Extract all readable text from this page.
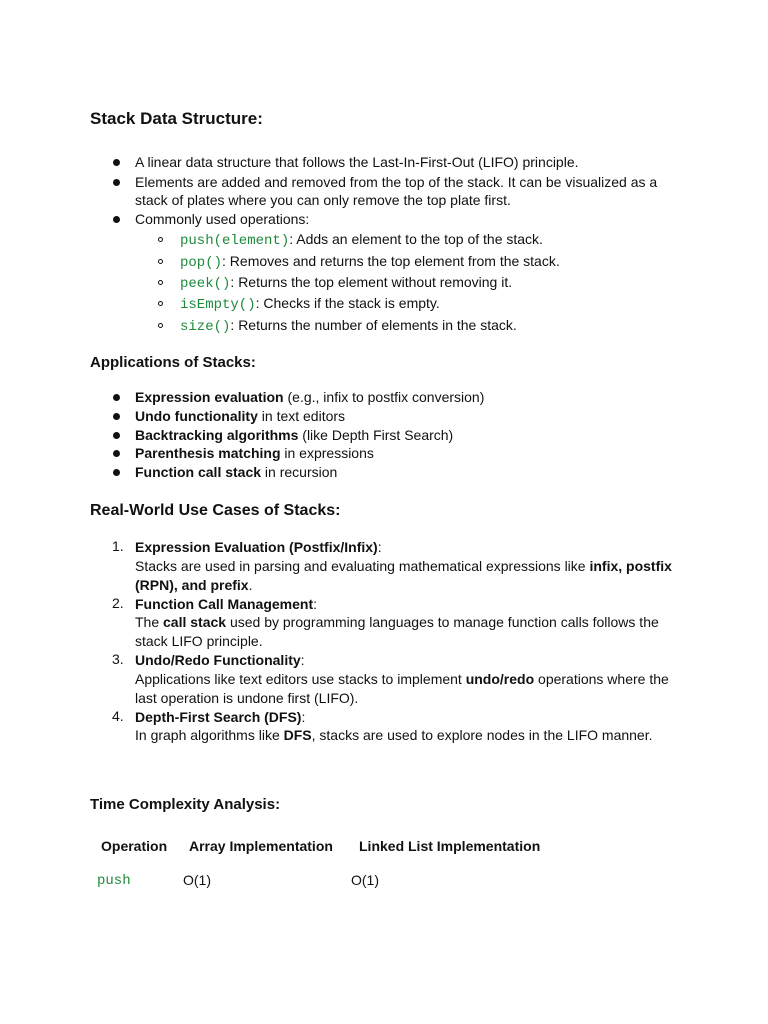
Stack Data Structure:
A linear data structure that follows the Last-In-First-Out (LIFO) principle.
Elements are added and removed from the top of the stack. It can be visualized as a
stack of plates where you can only remove the top plate first.
Commonly used operations:
push(element): Adds an element to the top of the stack.
pop(): Removes and returns the top element from the stack.
peek(): Returns the top element without removing it.
isEmpty(): Checks if the stack is empty.
size(): Returns the number of elements in the stack.
Applications of Stacks:
Expression evaluation (e.g., infix to postfix conversion)
Undo functionality in text editors
Backtracking algorithms (like Depth First Search)
Parenthesis matching in expressions
Function call stack in recursion
Real-World Use Cases of Stacks:
1. Expression Evaluation (Postfix/Infix):
Stacks are used in parsing and evaluating mathematical expressions like infix, postfix
(RPN), and prefix.
2. Function Call Management:
The call stack used by programming languages to manage function calls follows the
stack LIFO principle.
3. Undo/Redo Functionality:
Applications like text editors use stacks to implement undo/redo operations where the
last operation is undone first (LIFO).
4. Depth-First Search (DFS):
In graph algorithms like DFS, stacks are used to explore nodes in the LIFO manner.
Time Complexity Analysis:
Operation Array Implementation Linked List Implementation
push	O(1)	O(1)
